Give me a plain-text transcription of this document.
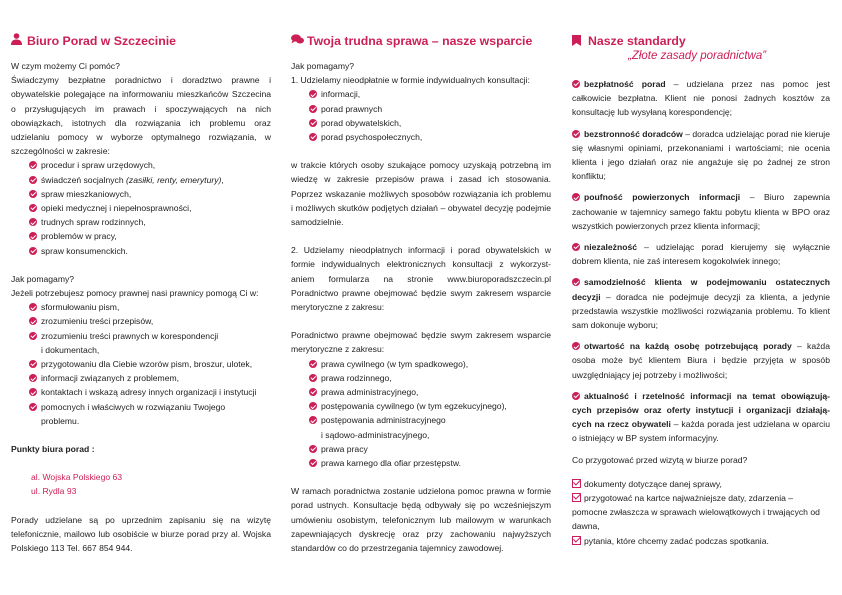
Biuro Porad w Szczecinie
W czym możemy Ci pomóc?
Świadczymy bezpłatne poradnictwo i doradztwo prawne i obywatelskie polegające na informowaniu mieszkańców Szczecina o przysługujących im prawach i spoczywających na nich obowiązkach, istotnych dla rozwiązania ich problemu oraz udzielaniu pomocy w wyborze optymalnego rozwiązania, w szczególności w zakresie:
procedur i spraw urzędowych,
świadczeń socjalnych (zasiłki, renty, emerytury),
spraw mieszkaniowych,
opieki medycznej i niepełnosprawności,
trudnych spraw rodzinnych,
problemów w pracy,
spraw konsumenckich.
Jak pomagamy?
Jeżeli potrzebujesz pomocy prawnej nasi prawnicy pomogą Ci w:
sformułowaniu pism,
zrozumieniu treści przepisów,
zrozumieniu treści prawnych w korespondencji
i dokumentach,
przygotowaniu dla Ciebie wzorów pism, broszur, ulotek,
informacji związanych z problemem,
kontaktach i wskazą adresy innych organizacji i instytucji
pomocnych i właściwych w rozwiązaniu Twojego
problemu.
Punkty biura porad :
al. Wojska Polskiego 63
ul. Rydla 93
Porady udzielane są po uprzednim zapisaniu się na wizytę telefonicznie, mailowo lub osobiście w biurze porad przy al. Wojska Polskiego 113 Tel. 667 854 944.
Twoja trudna sprawa – nasze wsparcie
Jak pomagamy?
1. Udzielamy nieodpłatnie w formie indywidualnych konsultacji:
informacji,
porad prawnych
porad obywatelskich,
porad psychospołecznych,
w trakcie których osoby szukające pomocy uzyskają potrzebną im wiedzę w zakresie przepisów prawa i zasad ich stosowania. Poprzez wskazanie możliwych sposobów rozwiązania ich problemu i możliwych skutków podjętych działań – obywatel decyzję podejmie samodzielnie.
2. Udzielamy nieodpłatnych informacji i porad obywatelskich w formie indywidualnych elektronicznych konsultacji z wykorzyst-aniem formularza na stronie www.biuroporadszczecin.pl Poradnictwo prawne obejmować będzie swym zakresem wsparcie merytoryczne z zakresu:
Poradnictwo prawne obejmować będzie swym zakresem wsparcie merytoryczne z zakresu:
prawa cywilnego (w tym spadkowego),
prawa rodzinnego,
prawa administracyjnego,
postępowania cywilnego (w tym egzekucyjnego),
postępowania administracyjnego
i sądowo-administracyjnego,
prawa pracy
prawa karnego dla ofiar przestępstw.
W ramach poradnictwa zostanie udzielona pomoc prawna w formie porad ustnych. Konsultacje będą odbywały się po wcześniejszym umówieniu osobistym, telefonicznym lub mailowym w warunkach zapewniających dyskrecję oraz przy zachowaniu najwyższych standardów co do przestrzegania tajemnicy zawodowej.
Nasze standardy
„Złote zasady poradnictwa”

bezpłatność porad – udzielana przez nas pomoc jest całkowicie bezpłatna. Klient nie ponosi żadnych kosztów za konsultację lub wysyłaną korespondencję;

bezstronność doradców – doradca udzielając porad nie kieruje się własnymi opiniami, przekonaniami i wartościami; nie ocenia klienta i jego działań oraz nie angażuje się po żadnej ze stron konfliktu;

poufność powierzonych informacji – Biuro zapewnia zachowanie w tajemnicy samego faktu pobytu klienta w BPO oraz wszystkich powierzonych przez klienta informacji;

niezależność – udzielając porad kierujemy się wyłącznie dobrem klienta, nie zaś interesem kogokolwiek innego;

samodzielność klienta w podejmowaniu ostatecznych decyzji – doradca nie podejmuje decyzji za klienta, a jedynie przedstawia wszystkie możliwości rozwiązania problemu. To klient sam dokonuje wyboru;

otwartość na każdą osobę potrzebującą porady – każda osoba może być klientem Biura i będzie przyjęta w sposób uwzględniający jej potrzeby i możliwości;

aktualność i rzetelność informacji na temat obowiązują-cych przepisów oraz oferty instytucji i organizacji działają-cych na rzecz obywateli – każda porada jest udzielana w oparciu o istniejący w BP system informacyjny.

Co przygotować przed wizytą w biurze porad?

dokumenty dotyczące danej sprawy,
przygotować na kartce najważniejsze daty, zdarzenia – pomocne zwłaszcza w sprawach wielowątkowych i trwających od dawna,
pytania, które chcemy zadać podczas spotkania.
